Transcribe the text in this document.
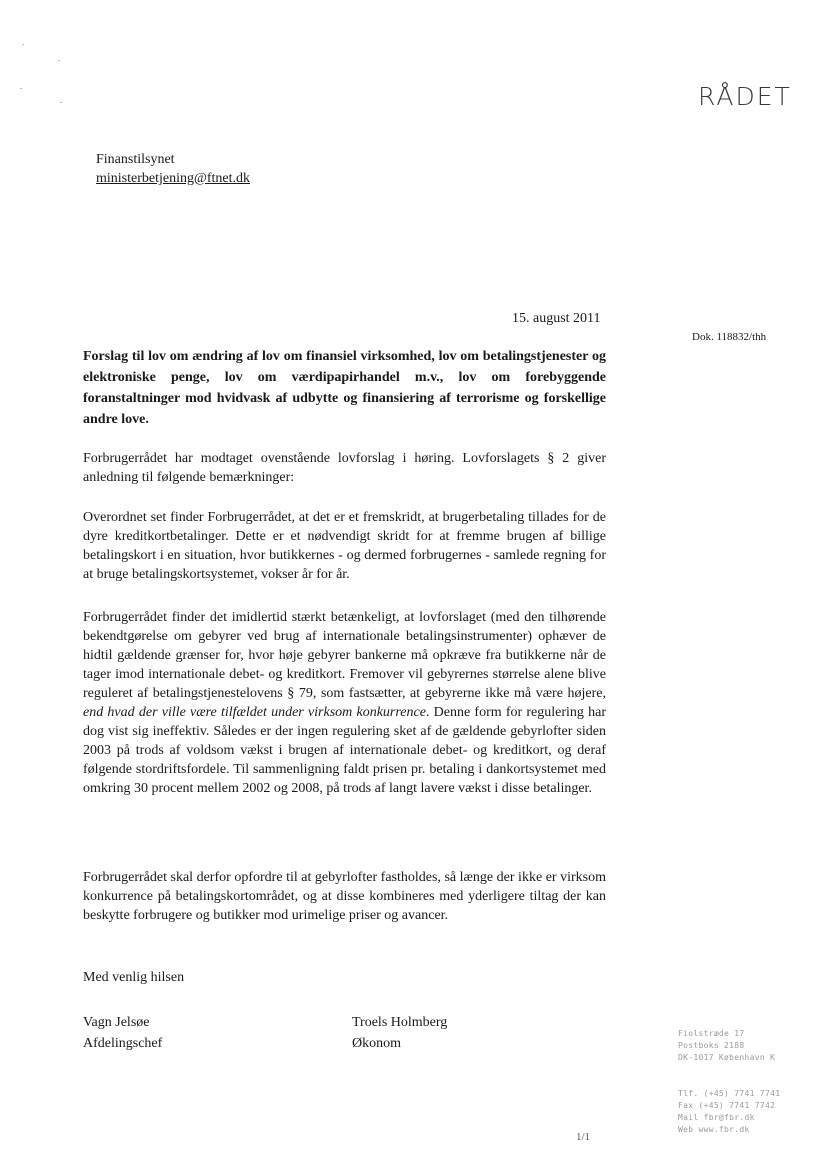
RÅDET
Finanstilsynet
ministerbetjening@ftnet.dk
15. august 2011
Dok. 118832/thh
Forslag til lov om ændring af lov om finansiel virksomhed, lov om betalingstjenester og elektroniske penge, lov om værdipapirhandel m.v., lov om forebyggende foranstaltninger mod hvidvask af udbytte og finansiering af terrorisme og forskellige andre love.

Forbrugerrådet har modtaget ovenstående lovforslag i høring. Lovforslagets § 2 giver anledning til følgende bemærkninger:

Overordnet set finder Forbrugerrådet, at det er et fremskridt, at brugerbetaling tillades for de dyre kreditkortbetalinger. Dette er et nødvendigt skridt for at fremme brugen af billige betalingskort i en situation, hvor butikkernes - og dermed forbrugernes - samlede regning for at bruge betalingskortsystemet, vokser år for år.

Forbrugerrådet finder det imidlertid stærkt betænkeligt, at lovforslaget (med den tilhørende bekendtgørelse om gebyrer ved brug af internationale betalingsinstrumenter) ophæver de hidtil gældende grænser for, hvor høje gebyrer bankerne må opkræve fra butikkerne når de tager imod internationale debet- og kreditkort. Fremover vil gebyrernes størrelse alene blive reguleret af betalingstjenestelovens § 79, som fastsætter, at gebyrerne ikke må være højere, end hvad der ville være tilfældet under virksom konkurrence. Denne form for regulering har dog vist sig ineffektiv. Således er der ingen regulering sket af de gældende gebyrlofter siden 2003 på trods af voldsom vækst i brugen af internationale debet- og kreditkort, og deraf følgende stordriftsfordele. Til sammenligning faldt prisen pr. betaling i dankortsystemet med omkring 30 procent mellem 2002 og 2008, på trods af langt lavere vækst i disse betalinger.

Forbrugerrådet skal derfor opfordre til at gebyrlofter fastholdes, så længe der ikke er virksom konkurrence på betalingskortområdet, og at disse kombineres med yderligere tiltag der kan beskytte forbrugere og butikker mod urimelige priser og avancer.

Med venlig hilsen
Vagn Jelsøe
Afdelingschef
Troels Holmberg
Økonom
Fiolstræde 17
Postboks 2188
DK-1017 København K
Tlf. (+45) 7741 7741
Fax (+45) 7741 7742
Mail fbr@fbr.dk
Web www.fbr.dk
1/1
